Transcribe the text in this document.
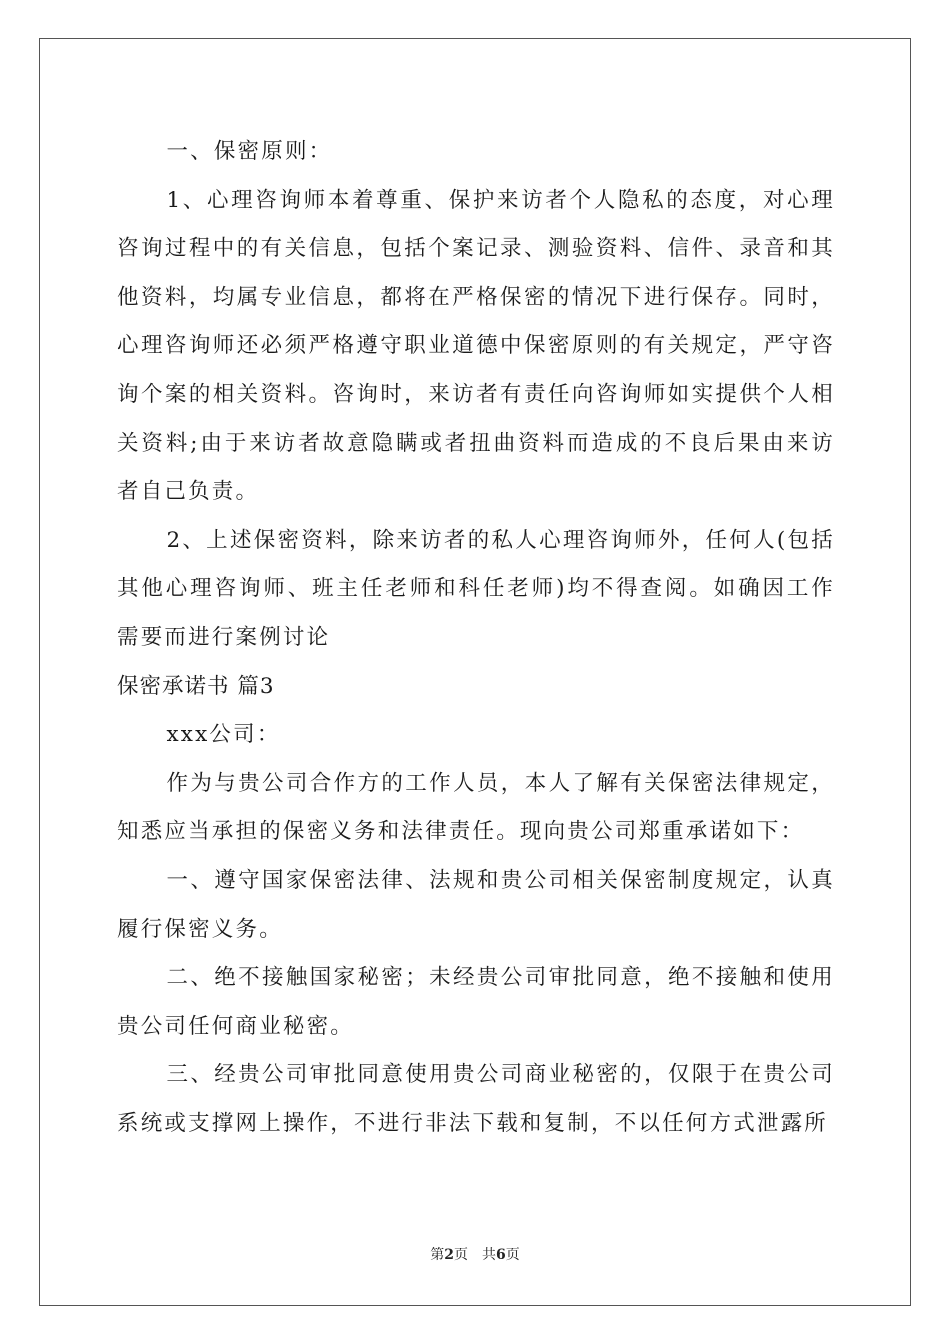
一、保密原则：

1、心理咨询师本着尊重、保护来访者个人隐私的态度，对心理咨询过程中的有关信息，包括个案记录、测验资料、信件、录音和其他资料，均属专业信息，都将在严格保密的情况下进行保存。同时，心理咨询师还必须严格遵守职业道德中保密原则的有关规定，严守咨询个案的相关资料。咨询时，来访者有责任向咨询师如实提供个人相关资料;由于来访者故意隐瞒或者扭曲资料而造成的不良后果由来访者自己负责。

2、上述保密资料，除来访者的私人心理咨询师外，任何人(包括其他心理咨询师、班主任老师和科任老师)均不得查阅。如确因工作需要而进行案例讨论

保密承诺书 篇3

xxx公司：

作为与贵公司合作方的工作人员，本人了解有关保密法律规定，知悉应当承担的保密义务和法律责任。现向贵公司郑重承诺如下：

一、遵守国家保密法律、法规和贵公司相关保密制度规定，认真履行保密义务。

二、绝不接触国家秘密；未经贵公司审批同意，绝不接触和使用贵公司任何商业秘密。

三、经贵公司审批同意使用贵公司商业秘密的，仅限于在贵公司系统或支撑网上操作，不进行非法下载和复制，不以任何方式泄露所

第2页 共6页
